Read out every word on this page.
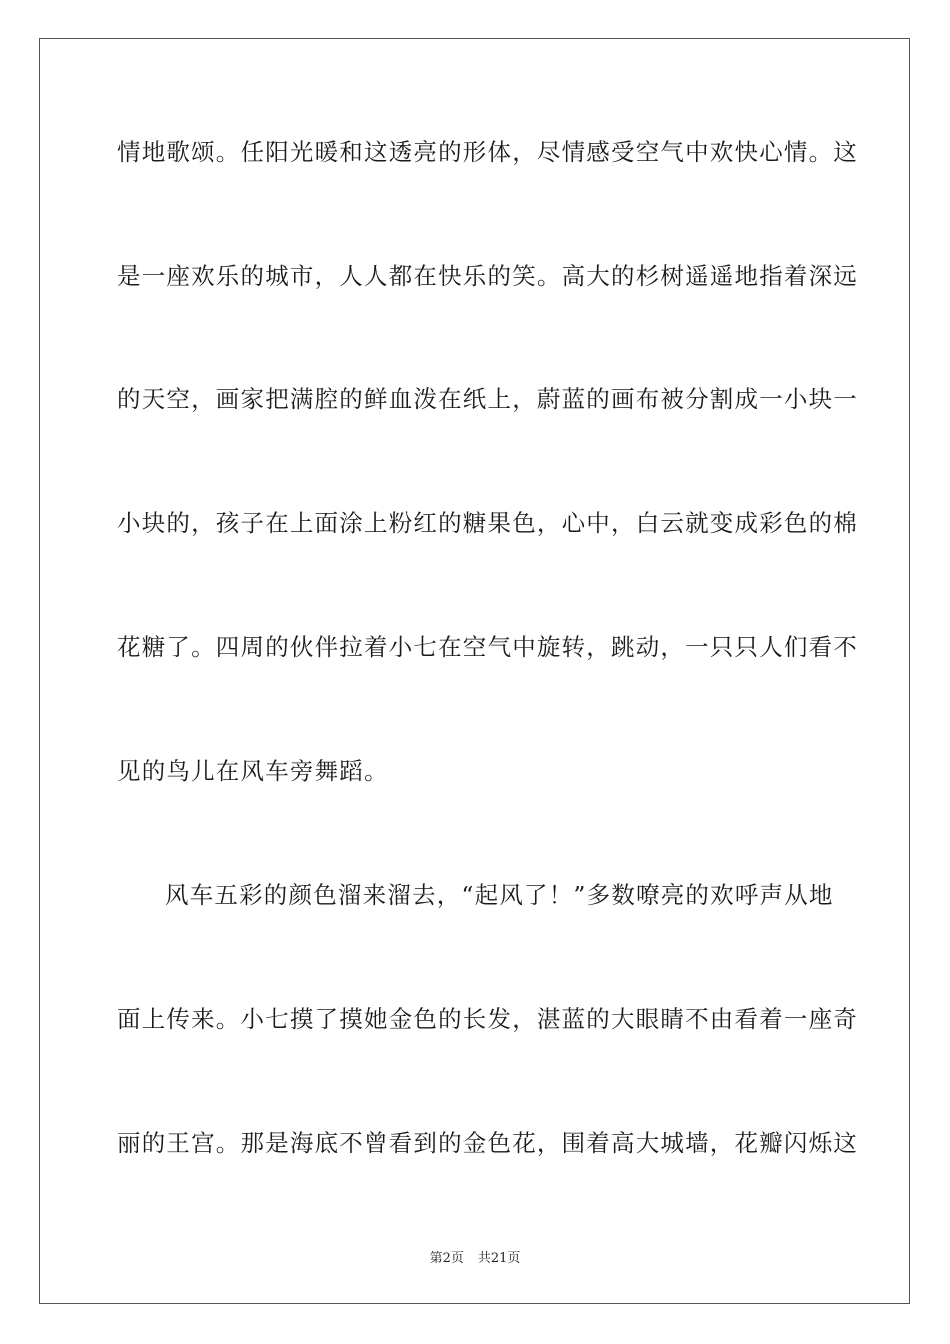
情地歌颂。任阳光暖和这透亮的形体，尽情感受空气中欢快心情。这
是一座欢乐的城市，人人都在快乐的笑。高大的杉树遥遥地指着深远
的天空，画家把满腔的鲜血泼在纸上，蔚蓝的画布被分割成一小块一
小块的，孩子在上面涂上粉红的糖果色，心中，白云就变成彩色的棉
花糖了。四周的伙伴拉着小七在空气中旋转，跳动，一只只人们看不
见的鸟儿在风车旁舞蹈。
风车五彩的颜色溜来溜去，“起风了！”多数嘹亮的欢呼声从地
面上传来。小七摸了摸她金色的长发，湛蓝的大眼睛不由看着一座奇
丽的王宫。那是海底不曾看到的金色花，围着高大城墙，花瓣闪烁这
第2页 共21页
